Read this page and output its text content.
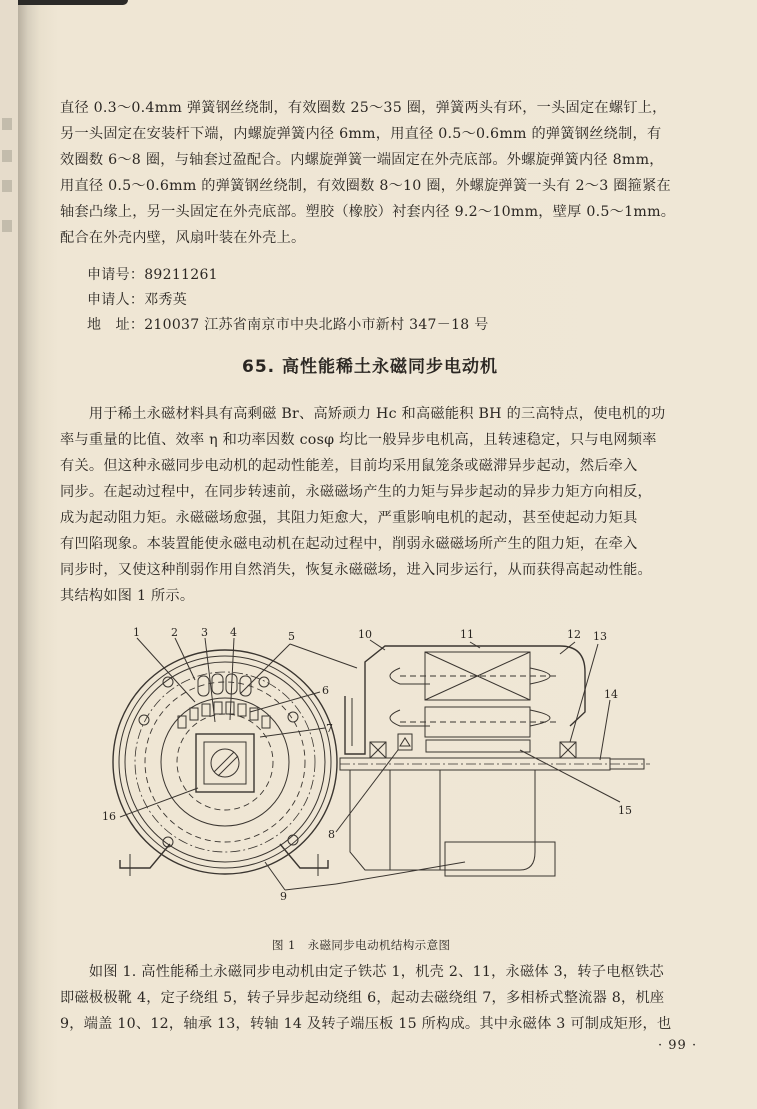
直径 0.3～0.4mm 弹簧钢丝绕制，有效圈数 25～35 圈，弹簧两头有环，一头固定在螺钉上，
另一头固定在安装杆下端，内螺旋弹簧内径 6mm，用直径 0.5～0.6mm 的弹簧钢丝绕制，有
效圈数 6～8 圈，与轴套过盈配合。内螺旋弹簧一端固定在外壳底部。外螺旋弹簧内径 8mm，
用直径 0.5～0.6mm 的弹簧钢丝绕制，有效圈数 8～10 圈，外螺旋弹簧一头有 2～3 圈箍紧在
轴套凸缘上，另一头固定在外壳底部。塑胶（橡胶）衬套内径 9.2～10mm，壁厚 0.5～1mm。
配合在外壳内壁，风扇叶装在外壳上。
申请号：89211261
申请人：邓秀英
地　址：210037 江苏省南京市中央北路小市新村 347－18 号
65. 高性能稀土永磁同步电动机
　　用于稀土永磁材料具有高剩磁 Br、高矫顽力 Hc 和高磁能积 BH 的三高特点，使电机的功
率与重量的比值、效率 η 和功率因数 cosφ 均比一般异步电机高，且转速稳定，只与电网频率
有关。但这种永磁同步电动机的起动性能差，目前均采用鼠笼条或磁滞异步起动，然后牵入
同步。在起动过程中，在同步转速前，永磁磁场产生的力矩与异步起动的异步力矩方向相反，
成为起动阻力矩。永磁磁场愈强，其阻力矩愈大，严重影响电机的起动，甚至使起动力矩具
有凹陷现象。本装置能使永磁电动机在起动过程中，削弱永磁磁场所产生的阻力矩，在牵入
同步时，又使这种削弱作用自然消失，恢复永磁磁场，进入同步运行，从而获得高起动性能。
其结构如图 1 所示。
1	2 3 4	5
6
7
16
10	11	12 13
14
15
8
9
图 1　永磁同步电动机结构示意图
　　如图 1. 高性能稀土永磁同步电动机由定子铁芯 1，机壳 2、11，永磁体 3，转子电枢铁芯
即磁极极靴 4，定子绕组 5，转子异步起动绕组 6，起动去磁绕组 7，多相桥式整流器 8，机座
9，端盖 10、12，轴承 13，转轴 14 及转子端压板 15 所构成。其中永磁体 3 可制成矩形，也
· 99 ·
